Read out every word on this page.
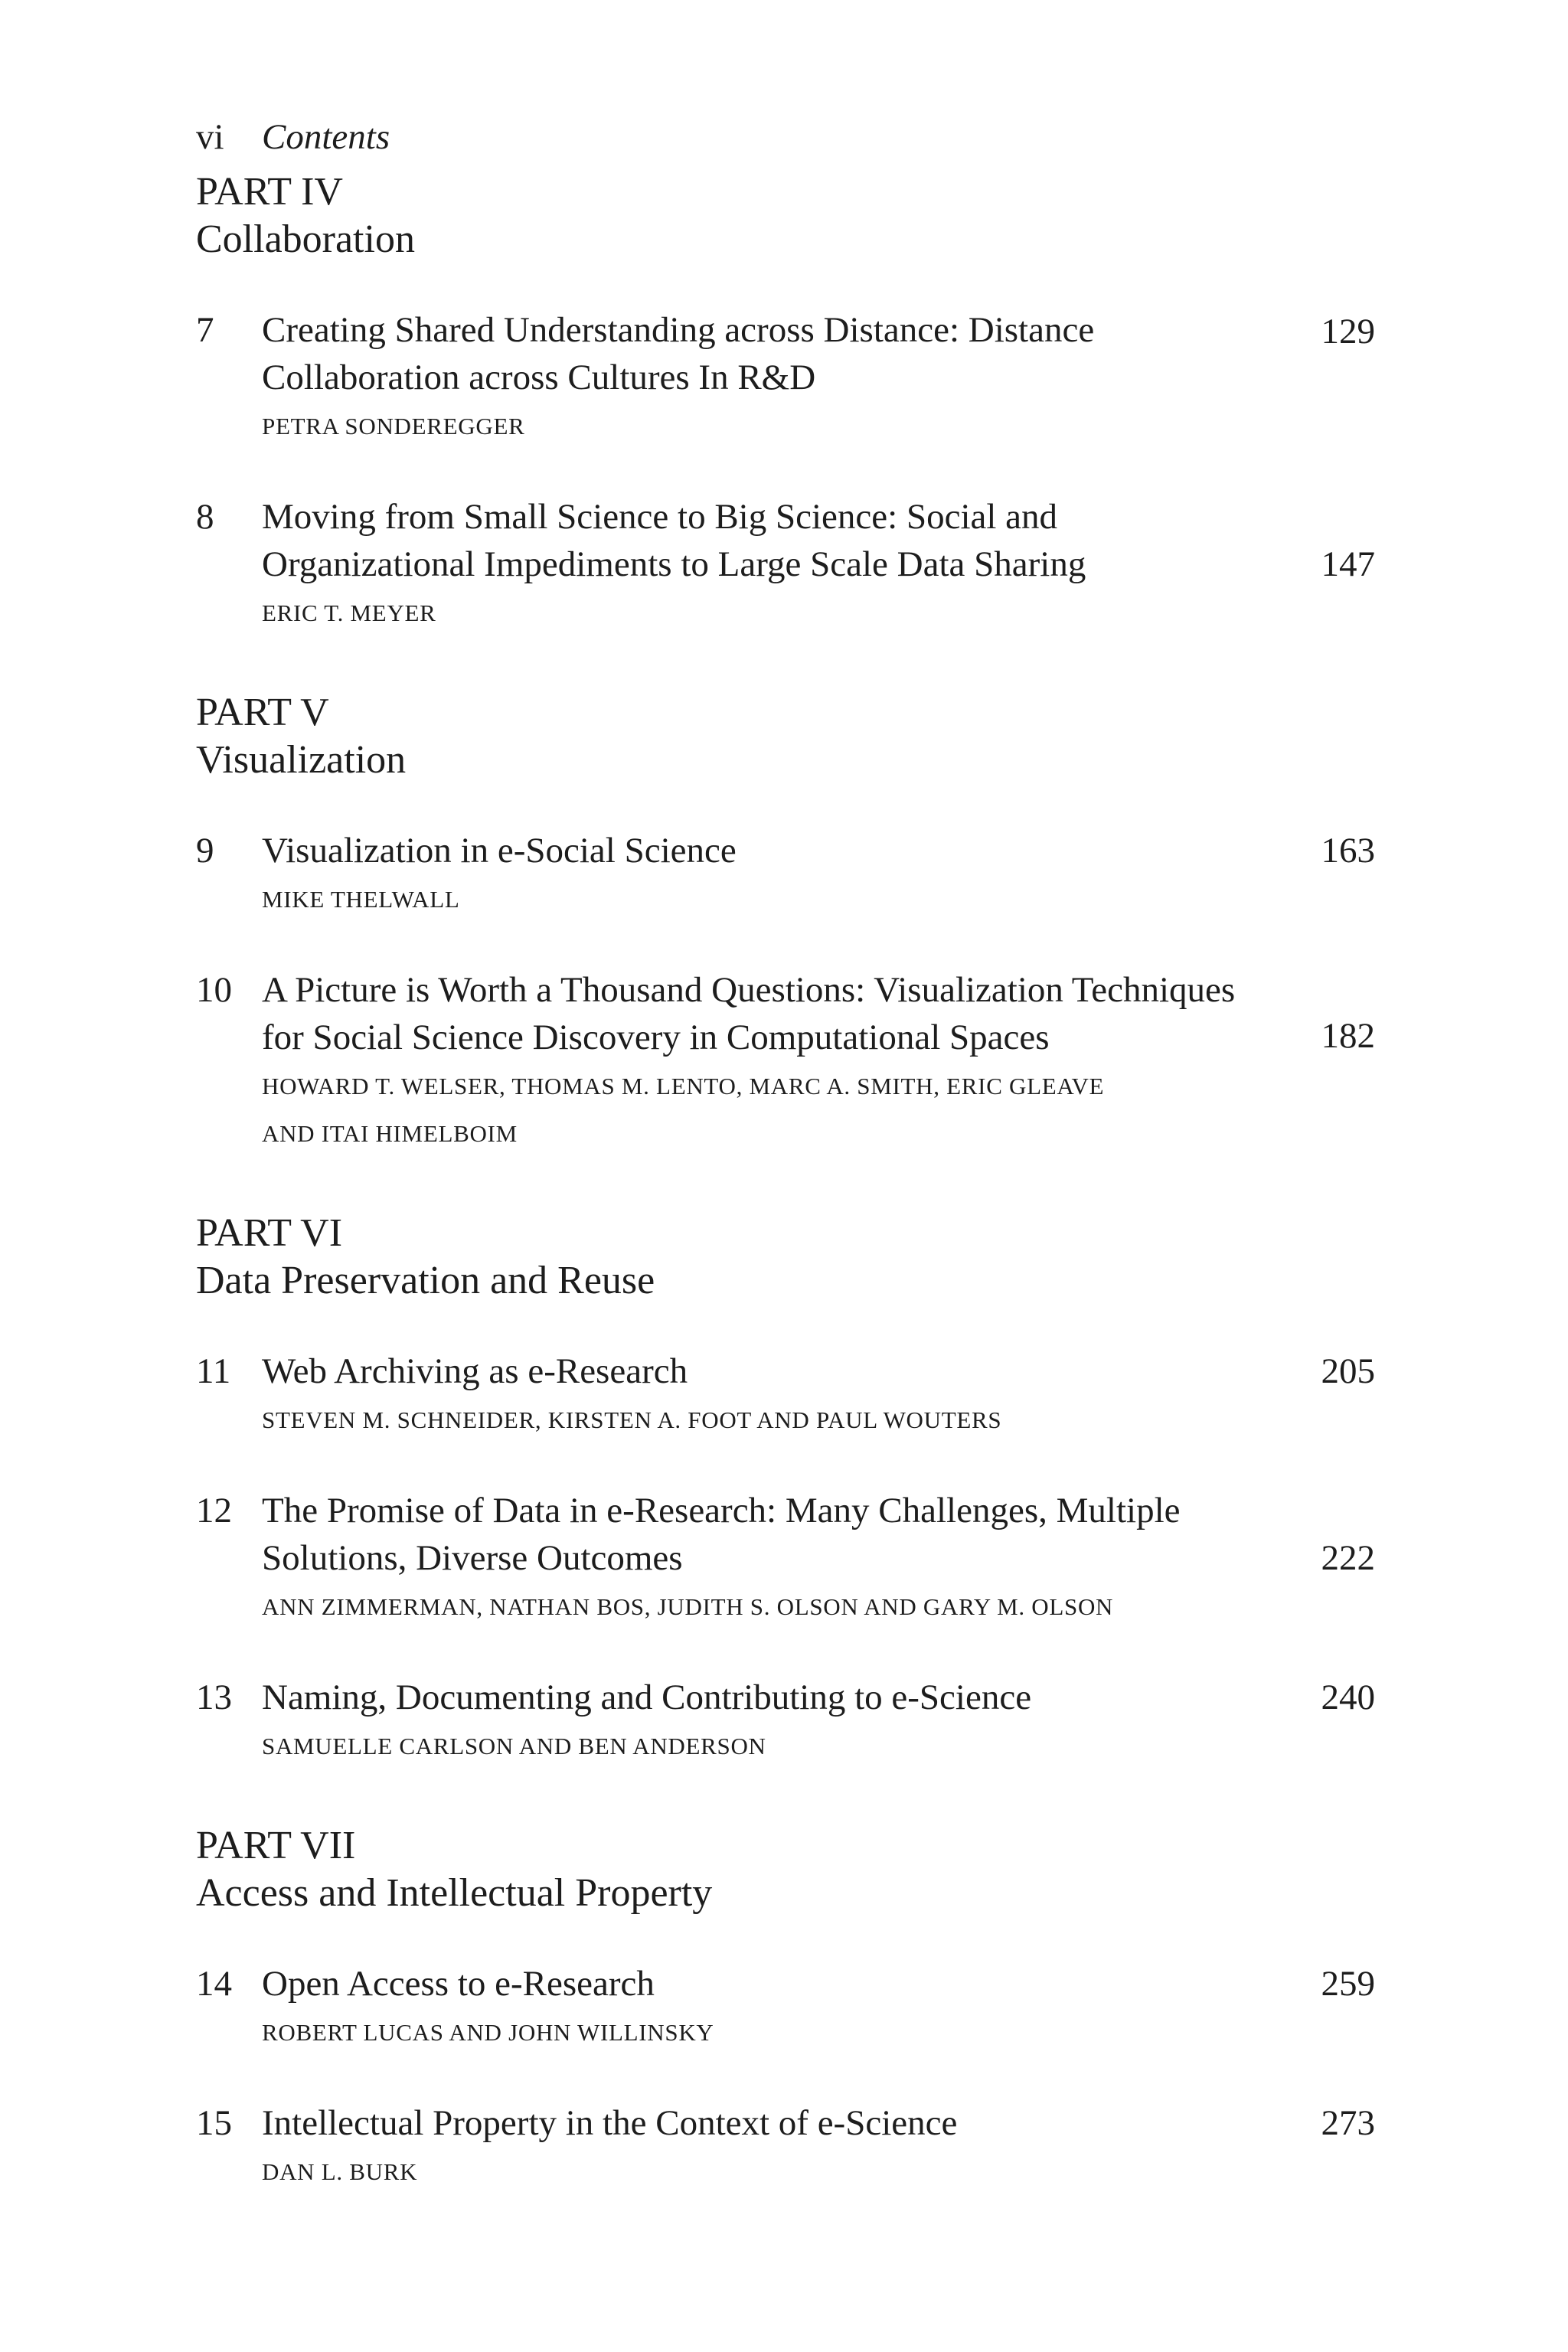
vi Contents
PART IV
Collaboration
7 Creating Shared Understanding across Distance: Distance Collaboration across Cultures In R&D
PETRA SONDEREGGER
129
8 Moving from Small Science to Big Science: Social and Organizational Impediments to Large Scale Data Sharing
ERIC T. MEYER
147
PART V
Visualization
9 Visualization in e-Social Science
MIKE THELWALL
163
10 A Picture is Worth a Thousand Questions: Visualization Techniques for Social Science Discovery in Computational Spaces
HOWARD T. WELSER, THOMAS M. LENTO, MARC A. SMITH, ERIC GLEAVE
AND ITAI HIMELBOIM
182
PART VI
Data Preservation and Reuse
11 Web Archiving as e-Research
STEVEN M. SCHNEIDER, KIRSTEN A. FOOT AND PAUL WOUTERS
205
12 The Promise of Data in e-Research: Many Challenges, Multiple Solutions, Diverse Outcomes
ANN ZIMMERMAN, NATHAN BOS, JUDITH S. OLSON AND GARY M. OLSON
222
13 Naming, Documenting and Contributing to e-Science
SAMUELLE CARLSON AND BEN ANDERSON
240
PART VII
Access and Intellectual Property
14 Open Access to e-Research
ROBERT LUCAS AND JOHN WILLINSKY
259
15 Intellectual Property in the Context of e-Science
DAN L. BURK
273
